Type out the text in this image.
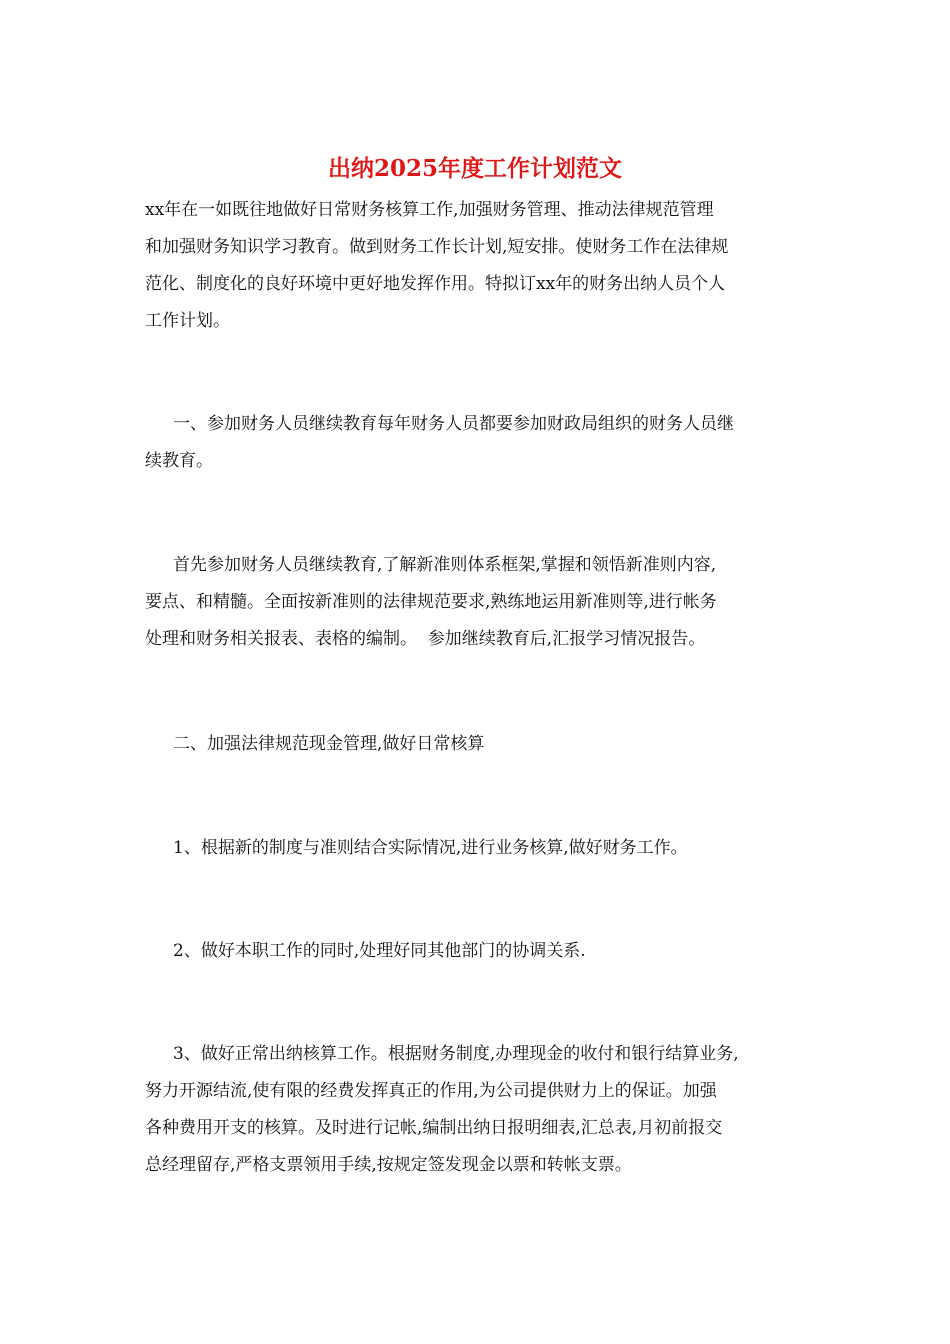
出纳2025年度工作计划范文
xx年在一如既往地做好日常财务核算工作,加强财务管理、推动法律规范管理
和加强财务知识学习教育。做到财务工作长计划,短安排。使财务工作在法律规
范化、制度化的良好环境中更好地发挥作用。特拟订xx年的财务出纳人员个人
工作计划。
一、参加财务人员继续教育每年财务人员都要参加财政局组织的财务人员继
续教育。
首先参加财务人员继续教育,了解新准则体系框架,掌握和领悟新准则内容,
要点、和精髓。全面按新准则的法律规范要求,熟练地运用新准则等,进行帐务
处理和财务相关报表、表格的编制。  参加继续教育后,汇报学习情况报告。
二、加强法律规范现金管理,做好日常核算
1、根据新的制度与准则结合实际情况,进行业务核算,做好财务工作。
2、做好本职工作的同时,处理好同其他部门的协调关系.
3、做好正常出纳核算工作。根据财务制度,办理现金的收付和银行结算业务,
努力开源结流,使有限的经费发挥真正的作用,为公司提供财力上的保证。加强
各种费用开支的核算。及时进行记帐,编制出纳日报明细表,汇总表,月初前报交
总经理留存,严格支票领用手续,按规定签发现金以票和转帐支票。
